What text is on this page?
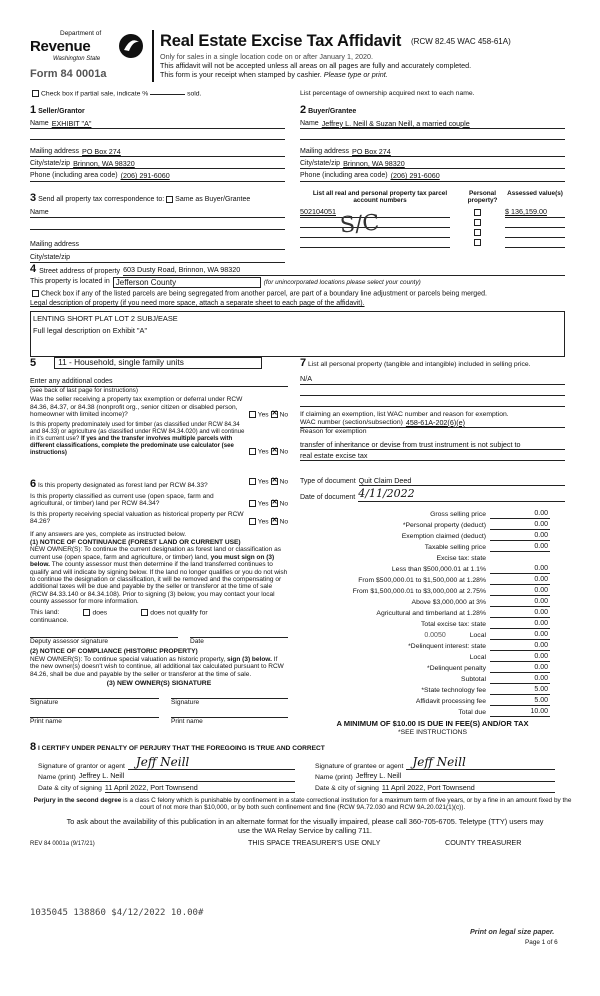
Department of
Revenue
Washington State
Form 84 0001a
Real Estate Excise Tax Affidavit (RCW 82.45 WAC 458-61A)
Only for sales in a single location code on or after January 1, 2020.
This affidavit will not be accepted unless all areas on all pages are fully and accurately completed.
This form is your receipt when stamped by cashier. Please type or print.
Check box if partial sale, indicate %	sold.	List percentage of ownership acquired next to each name.
1 Seller/Grantor
Name EXHIBIT "A"
Mailing address PO Box 274
City/state/zip Brinnon, WA 98320
Phone (including area code) (206) 291-6060
2 Buyer/Grantee
Name Jeffrey L. Neill & Suzan Neill, a married couple
Mailing address PO Box 274
City/state/zip Brinnon, WA 98320
Phone (including area code) (206) 291-6060
3 Send all property tax correspondence to: Same as Buyer/Grantee
Name
Mailing address
City/state/zip
List all real and personal property tax parcel account numbers
Personal property?
Assessed value(s)
502104051	$ 136,159.00

S/C
4 Street address of property 603 Dusty Road, Brinnon, WA 98320
This property is located in Jefferson County	(for unincorporated locations please select your county)
Check box if any of the listed parcels are being segregated from another parcel, are part of a boundary line adjustment or parcels being merged.
Legal description of property (if you need more space, attach a separate sheet to each page of the affidavit).
LENTING SHORT PLAT LOT 2 SUBJ/EASE
Full legal description on Exhibit "A"
5	11 - Household, single family units
Enter any additional codes
(see back of last page for instructions)
Was the seller receiving a property tax exemption or deferral under RCW 84.36, 84.37, or 84.38 (nonprofit org., senior citizen or disabled person, homeowner with limited income)?	Yes ✕ No
Is this property predominately used for timber (as classified under RCW 84.34 and 84.33) or agriculture (as classified under RCW 84.34.020) and will continue in it's current use? If yes and the transfer involves multiple parcels with different classifications, complete the predominate use calculator (see instructions)	Yes ✕ No
6 Is this property designated as forest land per RCW 84.33?
Yes ✕ No
Is this property classified as current use (open space, farm and agricultural, or timber) land per RCW 84.34?	Yes ✕ No
Is this property receiving special valuation as historical property per RCW 84.26?	Yes ✕ No
If any answers are yes, complete as instructed below.
(1) NOTICE OF CONTINUANCE (FOREST LAND OR CURRENT USE)
NEW OWNER(S): To continue the current designation as forest land or classification as current use (open space, farm and agriculture, or timber) land, you must sign on (3) below. The county assessor must then determine if the land transferred continues to qualify and will indicate by signing below. If the land no longer qualifies or you do not wish to continue the designation or classification, it will be removed and the compensating or additional taxes will be due and payable by the seller or transferor at the time of sale (RCW 84.33.140 or 84.34.108). Prior to signing (3) below, you may contact your local county assessor for more information.
This land:	does	does not qualify for
continuance.
Deputy assessor signature	Date
(2) NOTICE OF COMPLIANCE (HISTORIC PROPERTY)
NEW OWNER(S): To continue special valuation as historic property, sign (3) below. If the new owner(s) doesn't wish to continue, all additional tax calculated pursuant to RCW 84.26, shall be due and payable by the seller or transferor at the time of sale.
(3) NEW OWNER(S) SIGNATURE
Signature	Signature
Print name	Print name
7 List all personal property (tangible and intangible) included in selling price.
N/A
If claiming an exemption, list WAC number and reason for exemption.
WAC number (section/subsection) 458-61A-202(6)(e)
Reason for exemption
transfer of inheritance or devise from trust instrument is not subject to
real estate excise tax
Type of document Quit Claim Deed
Date of document 4/11/2022
Gross selling price	0.00
*Personal property (deduct)	0.00
Exemption claimed (deduct)	0.00
Taxable selling price	0.00
Excise tax: state
Less than $500,000.01 at 1.1%	0.00
From $500,000.01 to $1,500,000 at 1.28%	0.00
From $1,500,000.01 to $3,000,000 at 2.75%	0.00
Above $3,000,000 at 3%	0.00
Agricultural and timberland at 1.28%	0.00
Total excise tax: state	0.00
0.0050	Local	0.00
*Delinquent interest: state	0.00
Local	0.00
*Delinquent penalty	0.00
Subtotal	0.00
*State technology fee	5.00
Affidavit processing fee	5.00
Total due	10.00
A MINIMUM OF $10.00 IS DUE IN FEE(S) AND/OR TAX
*SEE INSTRUCTIONS
8 I CERTIFY UNDER PENALTY OF PERJURY THAT THE FOREGOING IS TRUE AND CORRECT
Signature of grantor or agent Jeff Neill
Name (print) Jeffrey L. Neill
Date & city of signing 11 April 2022, Port Townsend
Signature of grantee or agent Jeff Neill
Name (print) Jeffrey L. Neill
Date & city of signing 11 April 2022, Port Townsend
Perjury in the second degree is a class C felony which is punishable by confinement in a state correctional institution for a maximum term of five years, or by a fine in an amount fixed by the court of not more than $10,000, or by both such confinement and fine (RCW 9A.72.030 and RCW 9A.20.021(1)(c)).
To ask about the availability of this publication in an alternate format for the visually impaired, please call 360-705-6705. Teletype (TTY) users may use the WA Relay Service by calling 711.
REV 84 0001a (9/17/21)	THIS SPACE TREASURER'S USE ONLY	COUNTY TREASURER
1035045 138860 $4/12/2022 10.00#
Print on legal size paper.
Page 1 of 6
